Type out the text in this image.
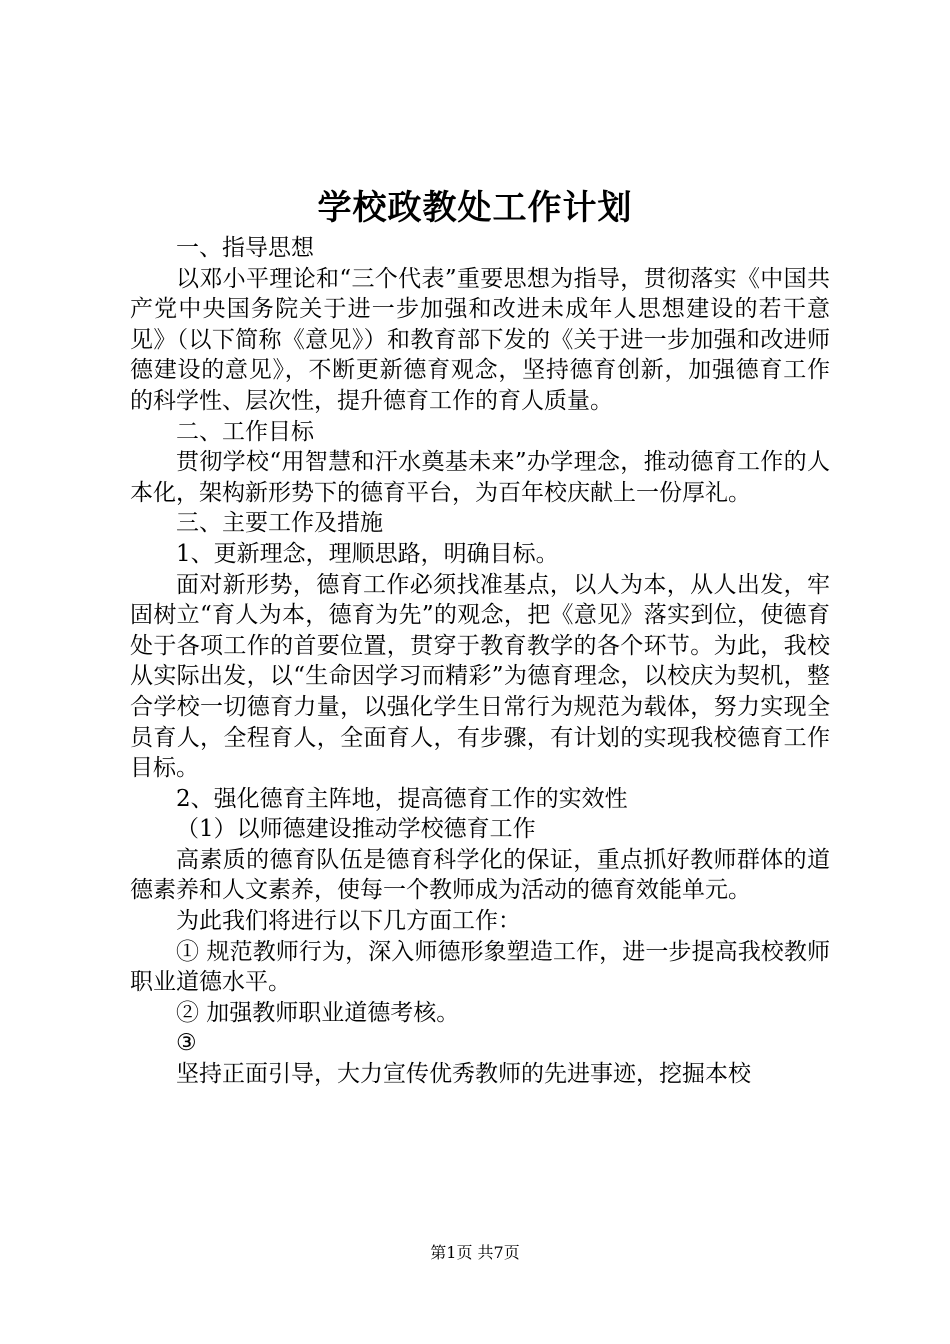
学校政教处工作计划

一、指导思想

以邓小平理论和“三个代表”重要思想为指导，贯彻落实《中国共产党中央国务院关于进一步加强和改进未成年人思想建设的若干意见》（以下简称《意见》）和教育部下发的《关于进一步加强和改进师德建设的意见》，不断更新德育观念，坚持德育创新，加强德育工作的科学性、层次性，提升德育工作的育人质量。

二、工作目标

贯彻学校“用智慧和汗水奠基未来”办学理念，推动德育工作的人本化，架构新形势下的德育平台，为百年校庆献上一份厚礼。

三、主要工作及措施

1、更新理念，理顺思路，明确目标。

面对新形势，德育工作必须找准基点，以人为本，从人出发，牢固树立“育人为本，德育为先”的观念，把《意见》落实到位，使德育处于各项工作的首要位置，贯穿于教育教学的各个环节。为此，我校从实际出发，以“生命因学习而精彩”为德育理念，以校庆为契机，整合学校一切德育力量，以强化学生日常行为规范为载体，努力实现全员育人，全程育人，全面育人，有步骤，有计划的实现我校德育工作目标。

2、强化德育主阵地，提高德育工作的实效性

（1）以师德建设推动学校德育工作

高素质的德育队伍是德育科学化的保证，重点抓好教师群体的道德素养和人文素养，使每一个教师成为活动的德育效能单元。

为此我们将进行以下几方面工作：

① 规范教师行为，深入师德形象塑造工作，进一步提高我校教师职业道德水平。

② 加强教师职业道德考核。

③

坚持正面引导，大力宣传优秀教师的先进事迹，挖掘本校

第1页 共7页
